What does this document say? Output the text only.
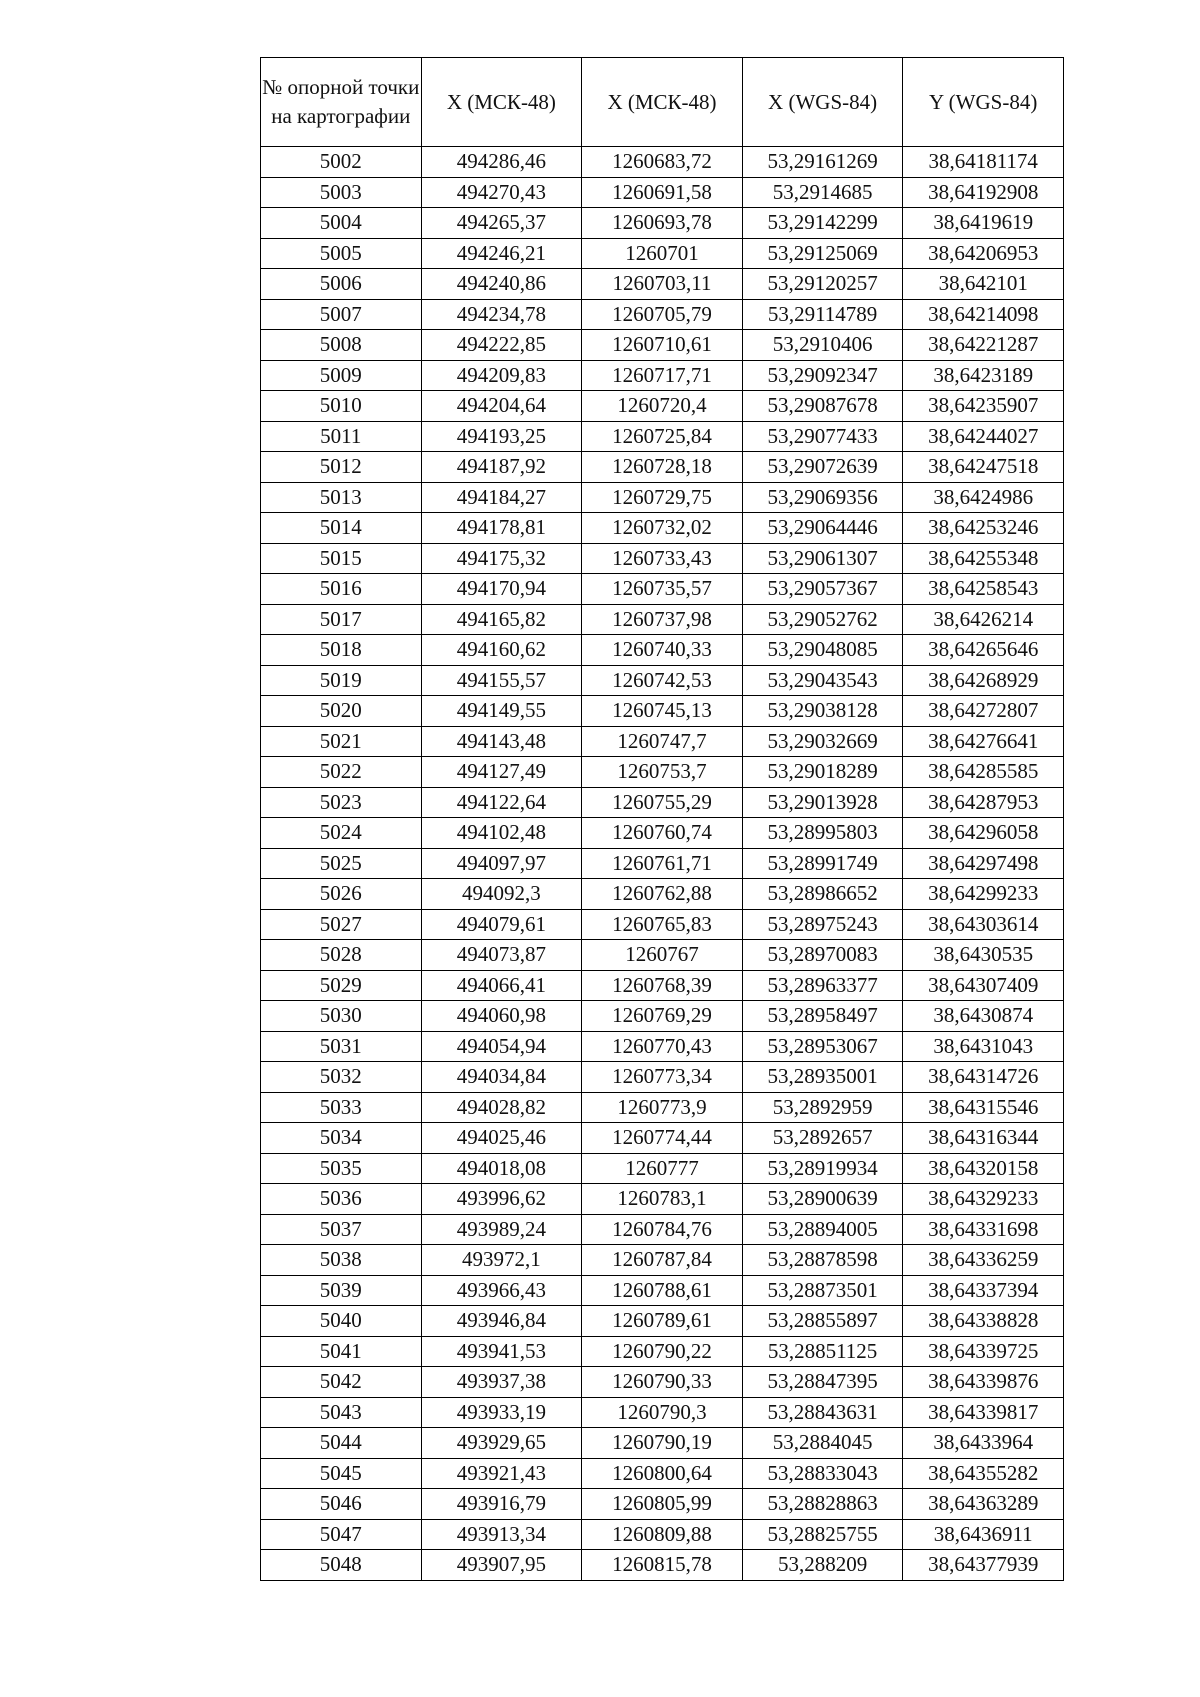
№ опорной точки на картографии	X (МСК-48)	X (МСК-48)	X (WGS-84)	Y (WGS-84)
5002	494286,46	1260683,72	53,29161269	38,64181174
5003	494270,43	1260691,58	53,2914685	38,64192908
5004	494265,37	1260693,78	53,29142299	38,6419619
5005	494246,21	1260701	53,29125069	38,64206953
5006	494240,86	1260703,11	53,29120257	38,642101
5007	494234,78	1260705,79	53,29114789	38,64214098
5008	494222,85	1260710,61	53,2910406	38,64221287
5009	494209,83	1260717,71	53,29092347	38,6423189
5010	494204,64	1260720,4	53,29087678	38,64235907
5011	494193,25	1260725,84	53,29077433	38,64244027
5012	494187,92	1260728,18	53,29072639	38,64247518
5013	494184,27	1260729,75	53,29069356	38,6424986
5014	494178,81	1260732,02	53,29064446	38,64253246
5015	494175,32	1260733,43	53,29061307	38,64255348
5016	494170,94	1260735,57	53,29057367	38,64258543
5017	494165,82	1260737,98	53,29052762	38,6426214
5018	494160,62	1260740,33	53,29048085	38,64265646
5019	494155,57	1260742,53	53,29043543	38,64268929
5020	494149,55	1260745,13	53,29038128	38,64272807
5021	494143,48	1260747,7	53,29032669	38,64276641
5022	494127,49	1260753,7	53,29018289	38,64285585
5023	494122,64	1260755,29	53,29013928	38,64287953
5024	494102,48	1260760,74	53,28995803	38,64296058
5025	494097,97	1260761,71	53,28991749	38,64297498
5026	494092,3	1260762,88	53,28986652	38,64299233
5027	494079,61	1260765,83	53,28975243	38,64303614
5028	494073,87	1260767	53,28970083	38,6430535
5029	494066,41	1260768,39	53,28963377	38,64307409
5030	494060,98	1260769,29	53,28958497	38,6430874
5031	494054,94	1260770,43	53,28953067	38,6431043
5032	494034,84	1260773,34	53,28935001	38,64314726
5033	494028,82	1260773,9	53,2892959	38,64315546
5034	494025,46	1260774,44	53,2892657	38,64316344
5035	494018,08	1260777	53,28919934	38,64320158
5036	493996,62	1260783,1	53,28900639	38,64329233
5037	493989,24	1260784,76	53,28894005	38,64331698
5038	493972,1	1260787,84	53,28878598	38,64336259
5039	493966,43	1260788,61	53,28873501	38,64337394
5040	493946,84	1260789,61	53,28855897	38,64338828
5041	493941,53	1260790,22	53,28851125	38,64339725
5042	493937,38	1260790,33	53,28847395	38,64339876
5043	493933,19	1260790,3	53,28843631	38,64339817
5044	493929,65	1260790,19	53,2884045	38,6433964
5045	493921,43	1260800,64	53,28833043	38,64355282
5046	493916,79	1260805,99	53,28828863	38,64363289
5047	493913,34	1260809,88	53,28825755	38,6436911
5048	493907,95	1260815,78	53,288209	38,64377939
